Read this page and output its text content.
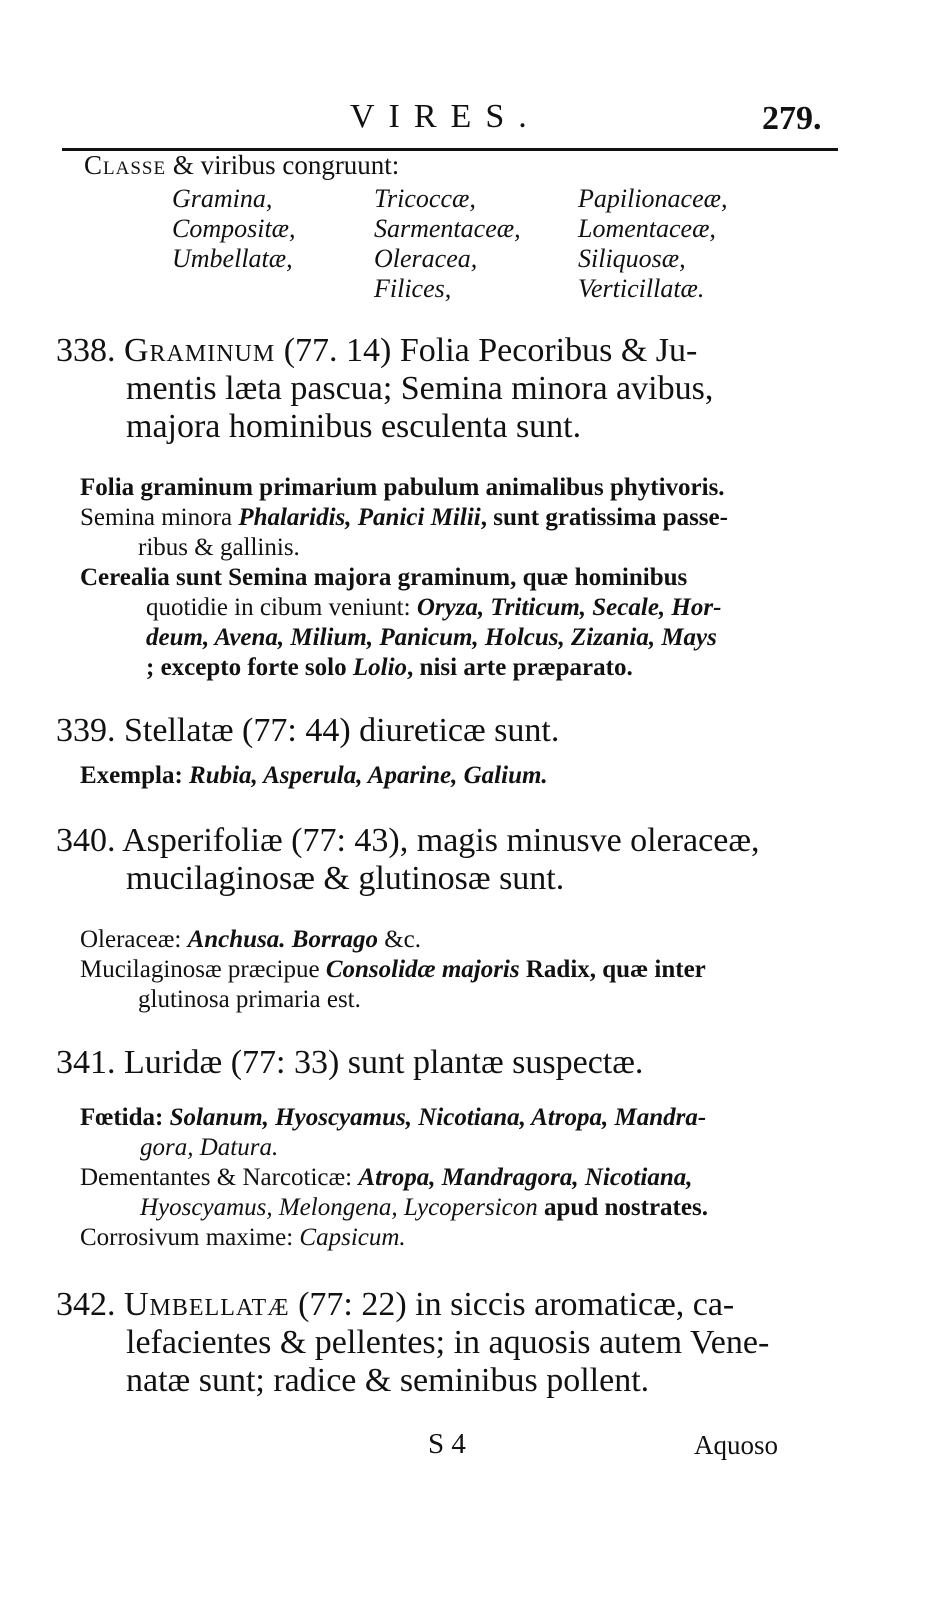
VIRES.	279.
Classe & viribus congruunt:
Gramina,
Compositæ,
Umbellatæ,
Tricoccæ,
Sarmentaceæ,
Oleracea,
Filices,
Papilionaceæ,
Lomentaceæ,
Siliquosæ,
Verticillatæ.
338. Graminum (77. 14) Folia Pecoribus & Ju-
mentis læta pascua; Semina minora avibus,
majora hominibus esculenta sunt.
Folia graminum primarium pabulum animalibus phytivoris.
Semina minora Phalaridis, Panici Milii, sunt gratissima passe-
ribus & gallinis.
Cerealia sunt Semina majora graminum, quæ hominibus
quotidie in cibum veniunt: Oryza, Triticum, Secale, Hor-
deum, Avena, Milium, Panicum, Holcus, Zizania, Mays
; excepto forte solo Lolio, nisi arte præparato.
339. Stellatæ (77: 44) diureticæ sunt.
Exempla: Rubia, Asperula, Aparine, Galium.
340. Asperifoliæ (77: 43), magis minusve oleraceæ,
mucilaginosæ & glutinosæ sunt.
Oleraceæ: Anchusa. Borrago &c.
Mucilaginosæ præcipue Consolidæ majoris Radix, quæ inter
glutinosa primaria est.
341. Luridæ (77: 33) sunt plantæ suspectæ.
Fœtida: Solanum, Hyoscyamus, Nicotiana, Atropa, Mandra-
gora, Datura.
Dementantes & Narcoticæ: Atropa, Mandragora, Nicotiana,
Hyoscyamus, Melongena, Lycopersicon apud nostrates.
Corrosivum maxime: Capsicum.
342. Umbellatæ (77: 22) in siccis aromaticæ, ca-
lefacientes & pellentes; in aquosis autem Vene-
natæ sunt; radice & seminibus pollent.
S 4	Aquoso
